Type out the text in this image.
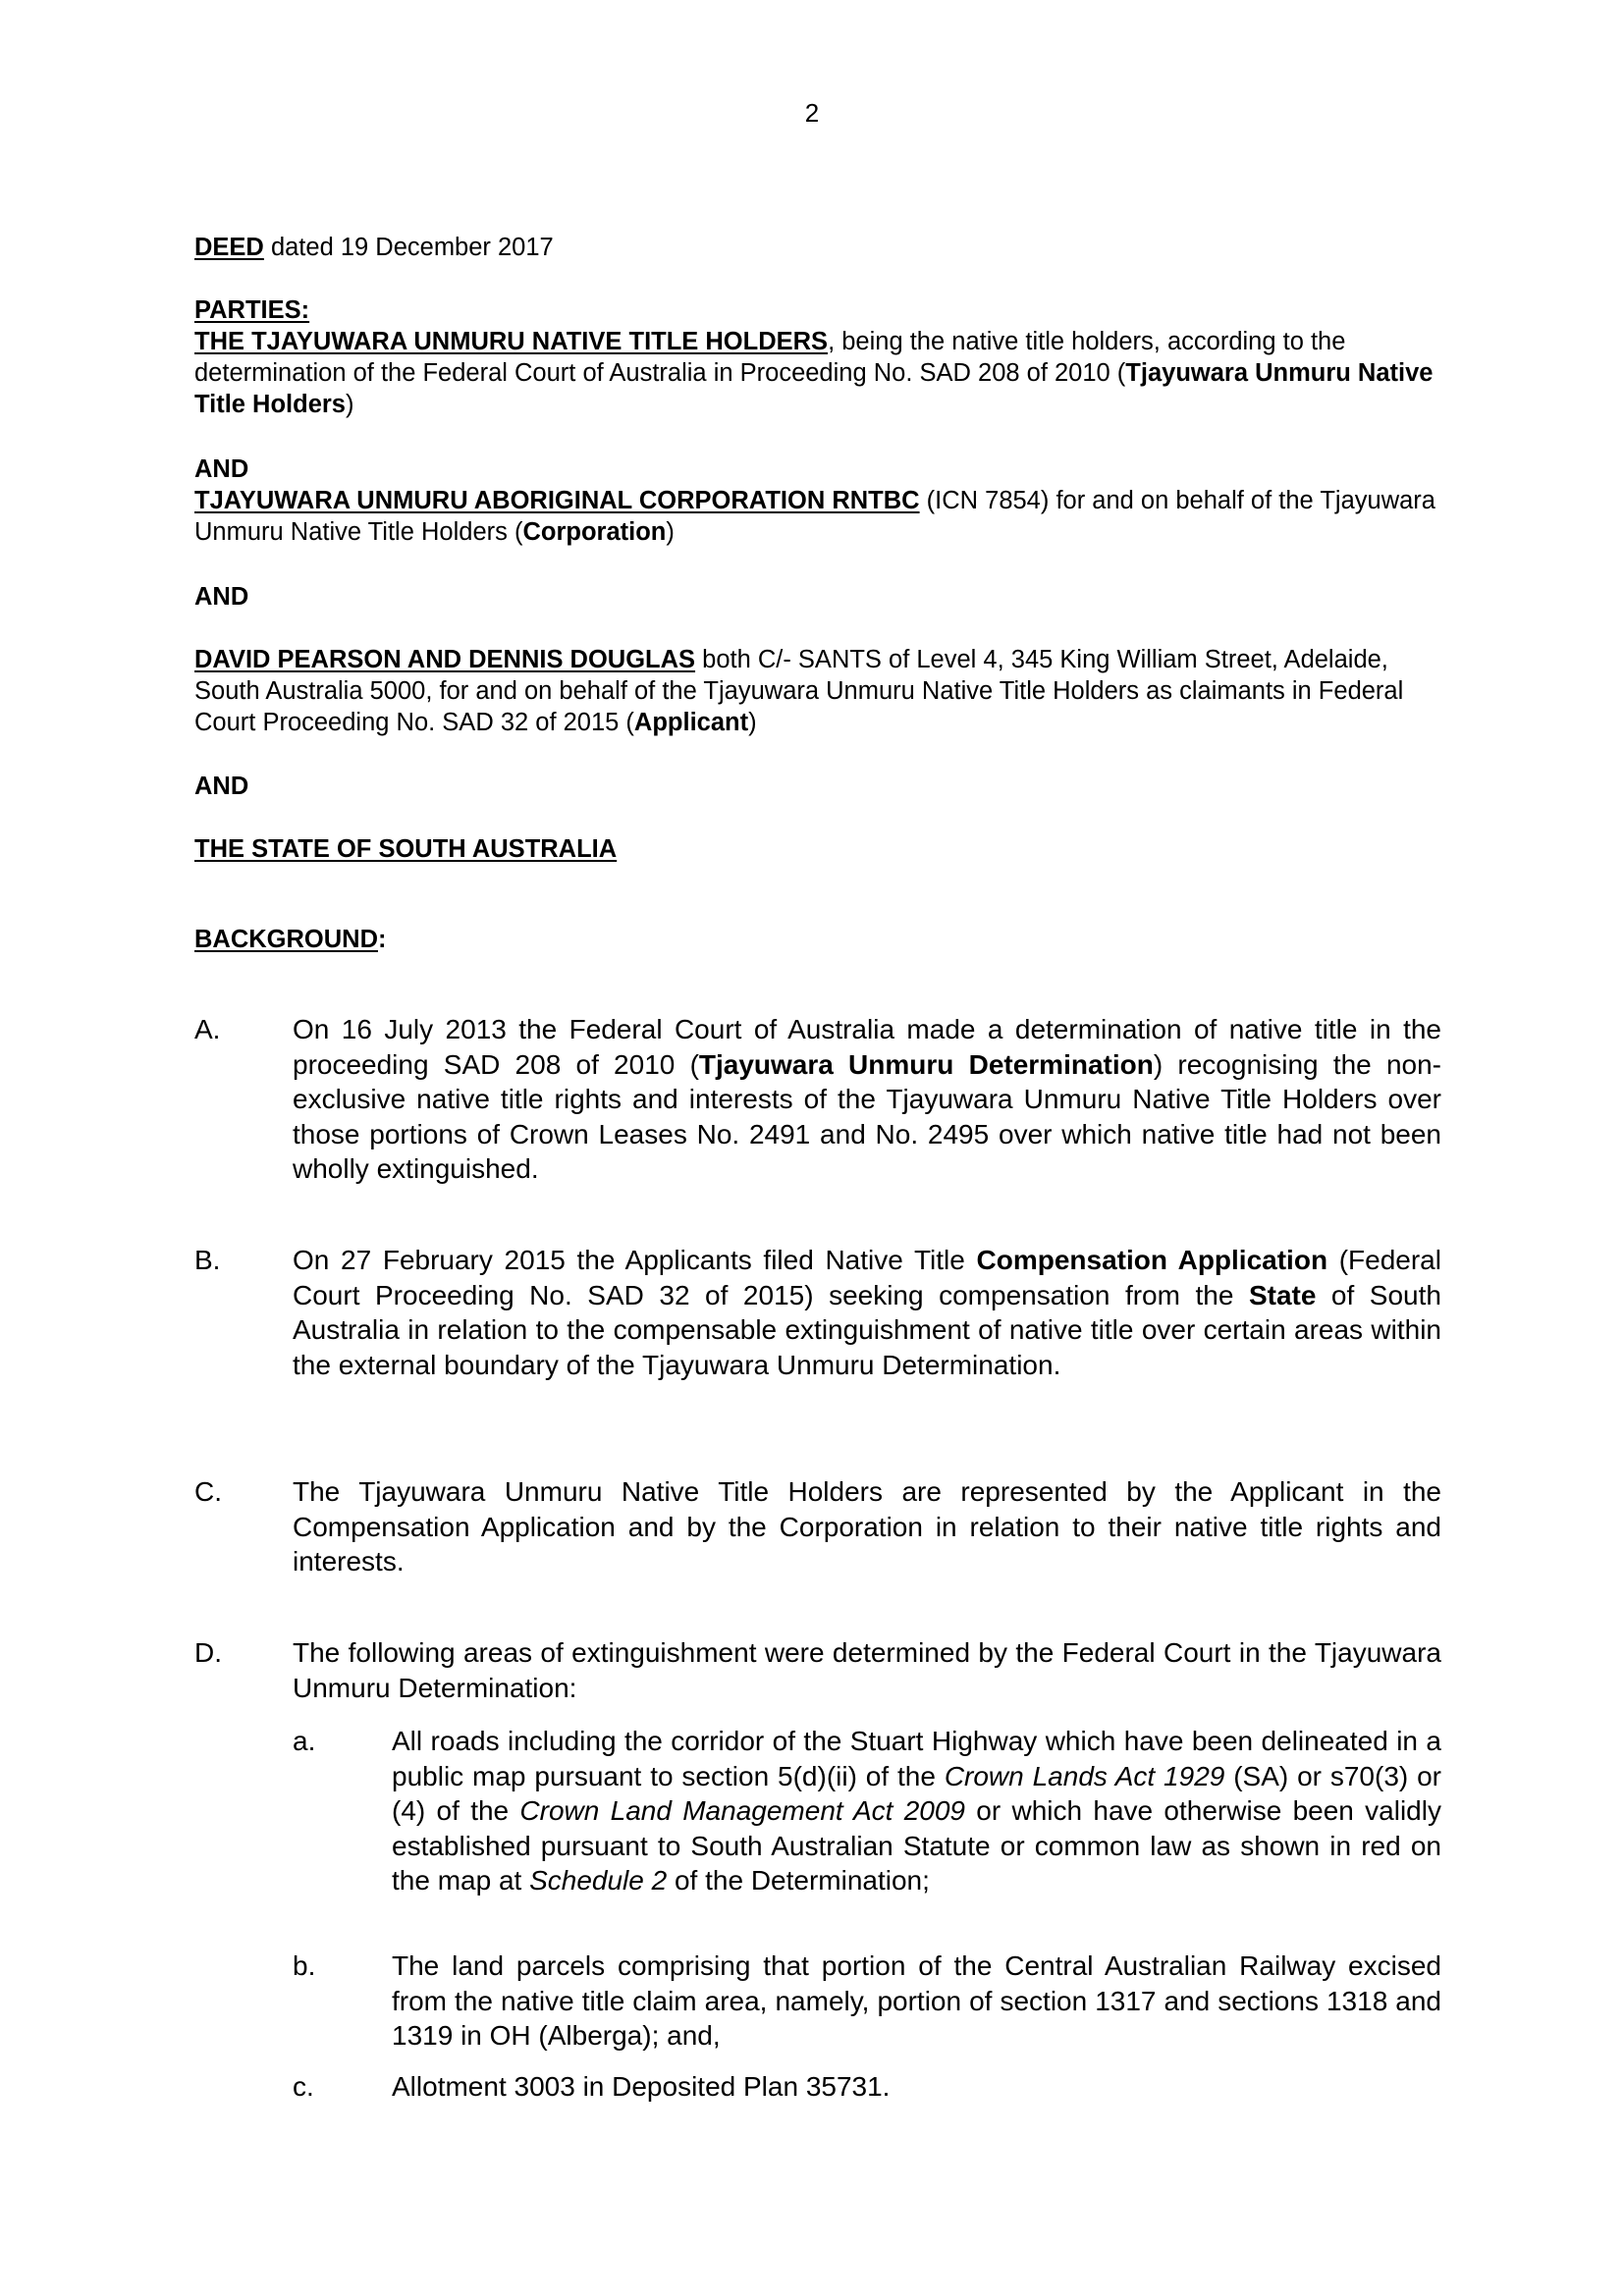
2

DEED dated 19 December 2017

PARTIES:

THE TJAYUWARA UNMURU NATIVE TITLE HOLDERS, being the native title holders, according to the determination of the Federal Court of Australia in Proceeding No. SAD 208 of 2010 (Tjayuwara Unmuru Native Title Holders)

AND

TJAYUWARA UNMURU ABORIGINAL CORPORATION RNTBC (ICN 7854) for and on behalf of the Tjayuwara Unmuru Native Title Holders (Corporation)

AND

DAVID PEARSON AND DENNIS DOUGLAS both C/- SANTS of Level 4, 345 King William Street, Adelaide, South Australia 5000, for and on behalf of the Tjayuwara Unmuru Native Title Holders as claimants in Federal Court Proceeding No. SAD 32 of 2015 (Applicant)

AND

THE STATE OF SOUTH AUSTRALIA

BACKGROUND:

A.	On 16 July 2013 the Federal Court of Australia made a determination of native title in the proceeding SAD 208 of 2010 (Tjayuwara Unmuru Determination) recognising the non-exclusive native title rights and interests of the Tjayuwara Unmuru Native Title Holders over those portions of Crown Leases No. 2491 and No. 2495 over which native title had not been wholly extinguished.
B.	On 27 February 2015 the Applicants filed Native Title Compensation Application (Federal Court Proceeding No. SAD 32 of 2015) seeking compensation from the State of South Australia in relation to the compensable extinguishment of native title over certain areas within the external boundary of the Tjayuwara Unmuru Determination.
C.	The Tjayuwara Unmuru Native Title Holders are represented by the Applicant in the Compensation Application and by the Corporation in relation to their native title rights and interests.
D.	The following areas of extinguishment were determined by the Federal Court in the Tjayuwara Unmuru Determination:
a.	All roads including the corridor of the Stuart Highway which have been delineated in a public map pursuant to section 5(d)(ii) of the Crown Lands Act 1929 (SA) or s70(3) or (4) of the Crown Land Management Act 2009 or which have otherwise been validly established pursuant to South Australian Statute or common law as shown in red on the map at Schedule 2 of the Determination;
b.	The land parcels comprising that portion of the Central Australian Railway excised from the native title claim area, namely, portion of section 1317 and sections 1318 and 1319 in OH (Alberga); and,
c.	Allotment 3003 in Deposited Plan 35731.
